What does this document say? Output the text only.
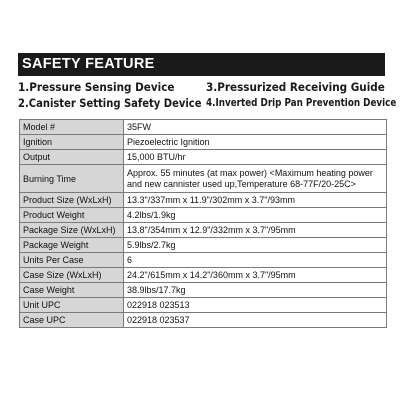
SAFETY FEATURE
1.Pressure Sensing Device
2.Canister Setting Safety Device
3.Pressurized Receiving Guide
4.Inverted Drip Pan Prevention Device
Model #	35FW
Ignition	Piezoelectric Ignition
Output	15,000 BTU/hr
Burning Time	Approx. 55 minutes (at max power) <Maximum heating power and new cannister used up,Temperature 68-77F/20-25C>
Product Size (WxLxH)	13.3"/337mm x 11.9"/302mm x 3.7"/93mm
Product Weight	4.2lbs/1.9kg
Package Size (WxLxH)	13.8"/354mm x 12.9"/332mm x 3.7"/95mm
Package Weight	5.9lbs/2.7kg
Units Per Case	6
Case Size (WxLxH)	24.2"/615mm x 14.2"/360mm x 3.7"/95mm
Case Weight	38.9lbs/17.7kg
Unit UPC	022918 023513
Case UPC	022918 023537
